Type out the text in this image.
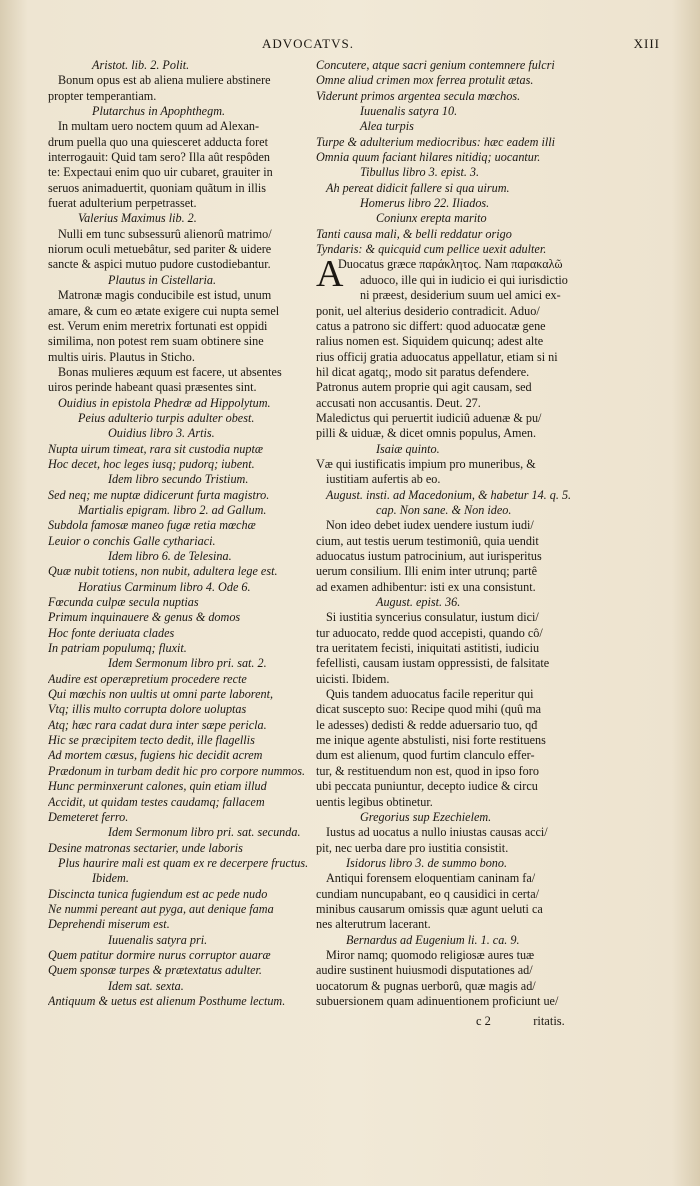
ADVOCATVS.	XIII
Aristot. lib. 2. Polit.
Bonum opus est ab aliena muliere abstinere
propter temperantiam.
Plutarchus in Apophthegm.
In multam uero noctem quum ad Alexan-
drum puella quo una quiesceret adducta foret
interrogauit: Quid tam sero? Illa aût respôden
te: Expectaui enim quo uir cubaret, grauiter in
seruos animaduertit, quoniam quãtum in illis
fuerat adulterium perpetrasset.
Valerius Maximus lib. 2.
Nulli em tunc subsessurû alienorû matrimo/
niorum oculi metuebâtur, sed pariter & uidere
sancte & aspici mutuo pudore custodiebantur.
Plautus in Cistellaria.
Matronæ magis conducibile est istud, unum
amare, & cum eo ætate exigere cui nupta semel
est. Verum enim meretrix fortunati est oppidi
similima, non potest rem suam obtinere sine
multis uiris. Plautus in Sticho.
Bonas mulieres æquum est facere, ut absentes
uiros perinde habeant quasi præsentes sint.
Ouidius in epistola Phedræ ad Hippolytum.
Peius adulterio turpis adulter obest.
Ouidius libro 3. Artis.
Nupta uirum timeat, rara sit custodia nuptæ
Hoc decet, hoc leges iusq; pudorq; iubent.
Idem libro secundo Tristium.
Sed neq; me nuptæ didicerunt furta magistro.
Martialis epigram. libro 2. ad Gallum.
Subdola famosæ maneo fugæ retia mœchæ
Leuior o conchis Galle cythariaci.
Idem libro 6. de Telesina.
Quæ nubit totiens, non nubit, adultera lege est.
Horatius Carminum libro 4. Ode 6.
Fœcunda culpæ secula nuptias
Primum inquinauere & genus & domos
Hoc fonte deriuata clades
In patriam populumq; fluxit.
Idem Sermonum libro pri. sat. 2.
Audire est operæpretium procedere recte
Qui mœchis non uultis ut omni parte laborent,
Vtq; illis multo corrupta dolore uoluptas
Atq; hæc rara cadat dura inter sæpe pericla.
Hic se præcipitem tecto dedit, ille flagellis
Ad mortem cæsus, fugiens hic decidit acrem
Prædonum in turbam dedit hic pro corpore nummos.
Hunc perminxerunt calones, quin etiam illud
Accidit, ut quidam testes caudamq; fallacem
Demeteret ferro.
Idem Sermonum libro pri. sat. secunda.
Desine matronas sectarier, unde laboris
Plus haurire mali est quam ex re decerpere fructus.
Ibidem.
Discincta tunica fugiendum est ac pede nudo
Ne nummi pereant aut pyga, aut denique fama
Deprehendi miserum est.
Iuuenalis satyra pri.
Quem patitur dormire nurus corruptor auaræ
Quem sponsæ turpes & prætextatus adulter.
Idem sat. sexta.
Antiquum & uetus est alienum Posthume lectum.
Concutere, atque sacri genium contemnere fulcri
Omne aliud crimen mox ferrea protulit ætas.
Viderunt primos argentea secula mœchos.
Iuuenalis satyra 10.
Alea turpis
Turpe & adulterium mediocribus: hæc eadem illi
Omnia quum faciant hilares nitidiq; uocantur.
Tibullus libro 3. epist. 3.
Ah pereat didicit fallere si qua uirum.
Homerus libro 22. Iliados.
Coniunx erepta marito
Tanti causa mali, & belli reddatur origo
Tyndaris: & quicquid cum pellice uexit adulter.
A
Duocatus græce παράκλητος. Nam παρακαλῶ
aduoco, ille qui in iudicio ei qui iurisdictio
ni præest, desiderium suum uel amici ex-
ponit, uel alterius desiderio contradicit. Aduo/
catus a patrono sic differt: quod aduocatæ gene
ralius nomen est. Siquidem quicunq; adest alte
rius officij gratia aduocatus appellatur, etiam si ni
hil dicat agatq;, modo sit paratus defendere.
Patronus autem proprie qui agit causam, sed
accusati non accusantis. Deut. 27.
Maledictus qui peruertit iudiciû aduenæ & pu/
pilli & uiduæ, & dicet omnis populus, Amen.
Isaiæ quinto.
Væ qui iustificatis impium pro muneribus, &
iustitiam aufertis ab eo.
August. insti. ad Macedonium, & habetur 14. q. 5.
cap. Non sane. & Non ideo.
Non ideo debet iudex uendere iustum iudi/
cium, aut testis uerum testimoniû, quia uendit
aduocatus iustum patrocinium, aut iurisperitus
uerum consilium. Illi enim inter utrunq; partê
ad examen adhibentur: isti ex una consistunt.
August. epist. 36.
Si iustitia syncerius consulatur, iustum dici/
tur aduocato, redde quod accepisti, quando cô/
tra ueritatem fecisti, iniquitati astitisti, iudiciu
fefellisti, causam iustam oppressisti, de falsitate
uicisti. Ibidem.
Quis tandem aduocatus facile reperitur qui
dicat suscepto suo: Recipe quod mihi (quû ma
le adesses) dedisti & redde aduersario tuo, qđ
me inique agente abstulisti, nisi forte restituens
dum est alienum, quod furtim clanculo effer-
tur, & restituendum non est, quod in ipso foro
ubi peccata puniuntur, decepto iudice & circu
uentis legibus obtinetur.
Gregorius sup Ezechielem.
Iustus ad uocatus a nullo iniustas causas acci/
pit, nec uerba dare pro iustitia consistit.
Isidorus libro 3. de summo bono.
Antiqui forensem eloquentiam caninam fa/
cundiam nuncupabant, eo q causidici in certa/
minibus causarum omissis quæ agunt ueluti ca
nes alterutrum lacerant.
Bernardus ad Eugenium li. 1. ca. 9.
Miror namq; quomodo religiosæ aures tuæ
audire sustinent huiusmodi disputationes ad/
uocatorum & pugnas uerborû, quæ magis ad/
subuersionem quam adinuentionem proficiunt ue/
c 2	ritatis.
